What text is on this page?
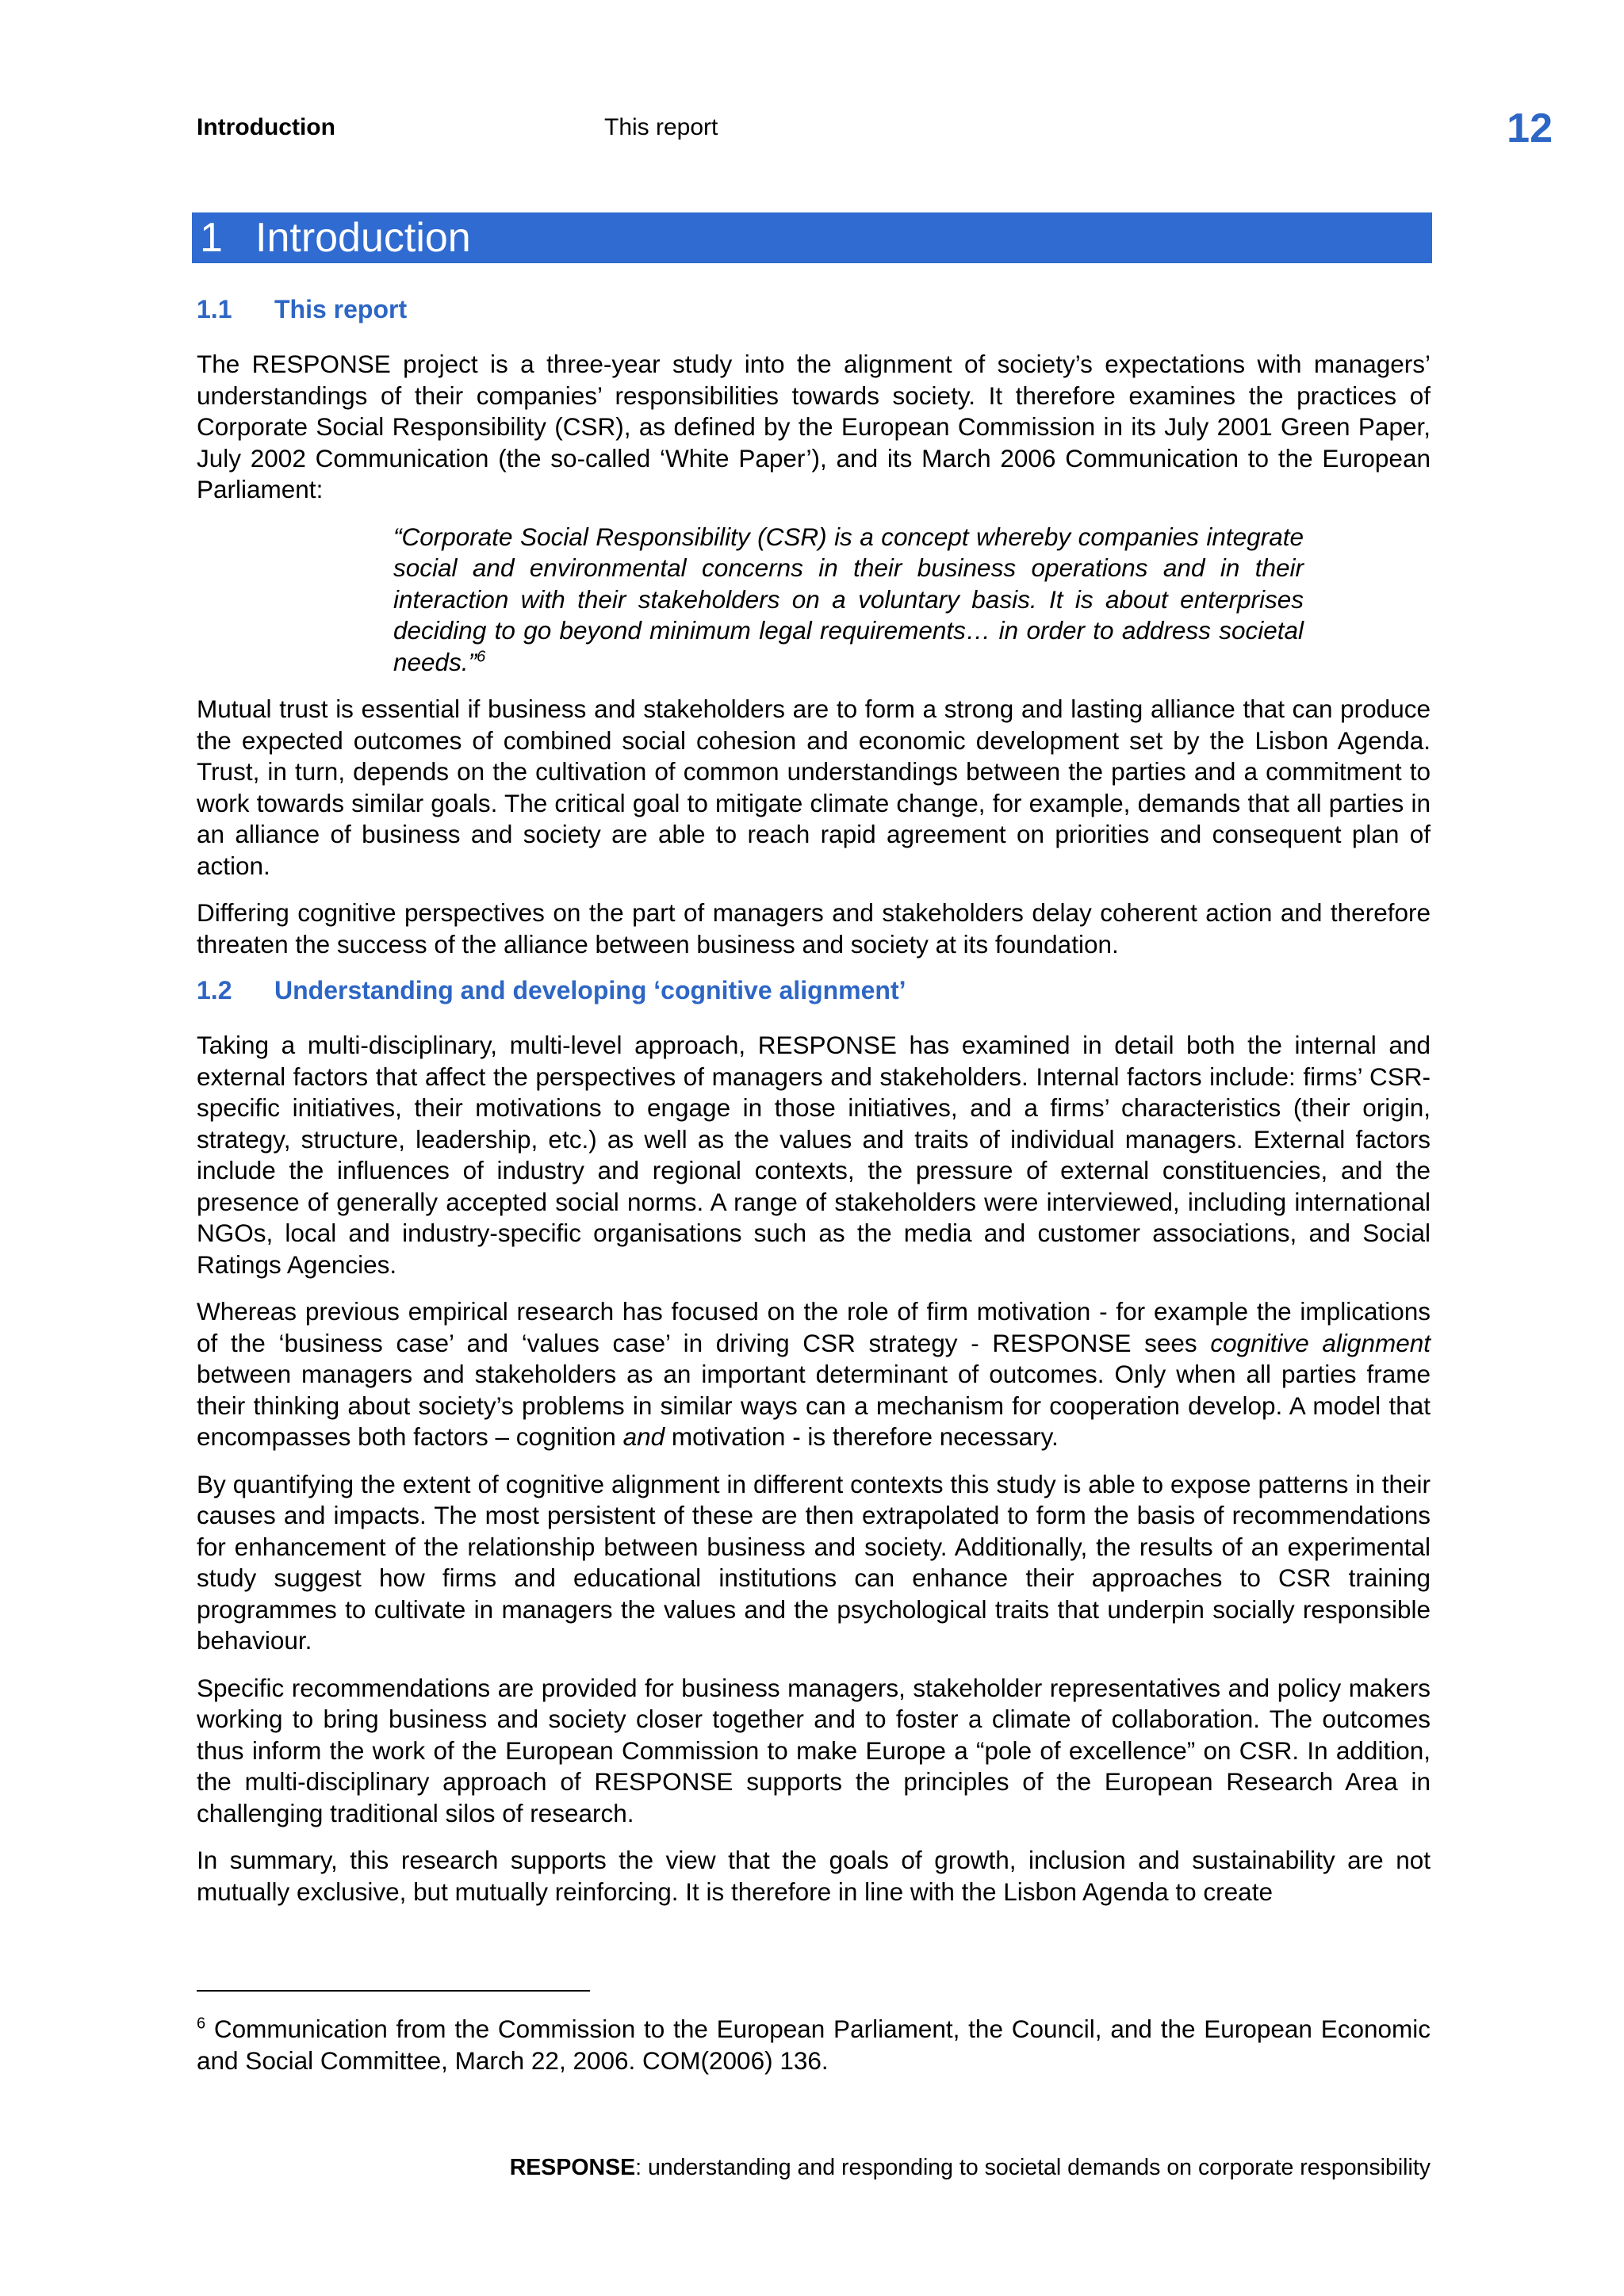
Introduction	This report	12
1 Introduction
1.1 This report

The RESPONSE project is a three-year study into the alignment of society’s expectations with managers’ understandings of their companies’ responsibilities towards society. It therefore examines the practices of Corporate Social Responsibility (CSR), as defined by the European Commission in its July 2001 Green Paper, July 2002 Communication (the so-called ‘White Paper’), and its March 2006 Communication to the European Parliament:

“Corporate Social Responsibility (CSR) is a concept whereby companies integrate social and environmental concerns in their business operations and in their interaction with their stakeholders on a voluntary basis. It is about enterprises deciding to go beyond minimum legal requirements… in order to address societal needs.”$^6$

Mutual trust is essential if business and stakeholders are to form a strong and lasting alliance that can produce the expected outcomes of combined social cohesion and economic development set by the Lisbon Agenda. Trust, in turn, depends on the cultivation of common understandings between the parties and a commitment to work towards similar goals. The critical goal to mitigate climate change, for example, demands that all parties in an alliance of business and society are able to reach rapid agreement on priorities and consequent plan of action.

Differing cognitive perspectives on the part of managers and stakeholders delay coherent action and therefore threaten the success of the alliance between business and society at its foundation.

1.2 Understanding and developing ‘cognitive alignment’

Taking a multi-disciplinary, multi-level approach, RESPONSE has examined in detail both the internal and external factors that affect the perspectives of managers and stakeholders. Internal factors include: firms’ CSR-specific initiatives, their motivations to engage in those initiatives, and a firms’ characteristics (their origin, strategy, structure, leadership, etc.) as well as the values and traits of individual managers. External factors include the influences of industry and regional contexts, the pressure of external constituencies, and the presence of generally accepted social norms. A range of stakeholders were interviewed, including international NGOs, local and industry-specific organisations such as the media and customer associations, and Social Ratings Agencies.

Whereas previous empirical research has focused on the role of firm motivation - for example the implications of the ‘business case’ and ‘values case’ in driving CSR strategy - RESPONSE sees cognitive alignment between managers and stakeholders as an important determinant of outcomes. Only when all parties frame their thinking about society’s problems in similar ways can a mechanism for cooperation develop. A model that encompasses both factors – cognition and motivation - is therefore necessary.

By quantifying the extent of cognitive alignment in different contexts this study is able to expose patterns in their causes and impacts. The most persistent of these are then extrapolated to form the basis of recommendations for enhancement of the relationship between business and society. Additionally, the results of an experimental study suggest how firms and educational institutions can enhance their approaches to CSR training programmes to cultivate in managers the values and the psychological traits that underpin socially responsible behaviour.

Specific recommendations are provided for business managers, stakeholder representatives and policy makers working to bring business and society closer together and to foster a climate of collaboration. The outcomes thus inform the work of the European Commission to make Europe a “pole of excellence” on CSR. In addition, the multi-disciplinary approach of RESPONSE supports the principles of the European Research Area in challenging traditional silos of research.

In summary, this research supports the view that the goals of growth, inclusion and sustainability are not mutually exclusive, but mutually reinforcing. It is therefore in line with the Lisbon Agenda to create

$^6$ Communication from the Commission to the European Parliament, the Council, and the European Economic and Social Committee, March 22, 2006. COM(2006) 136.
RESPONSE: understanding and responding to societal demands on corporate responsibility
